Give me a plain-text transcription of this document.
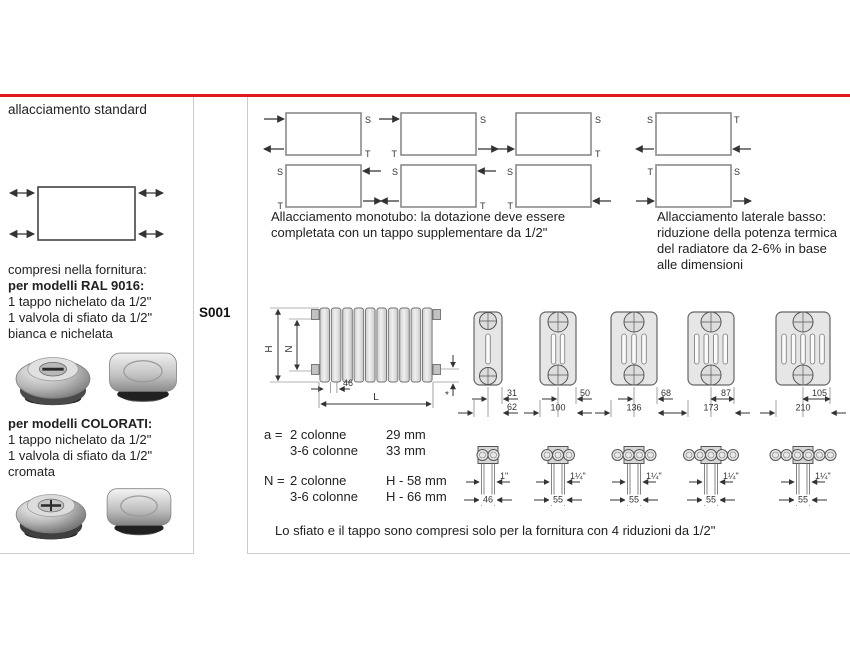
allacciamento standard
compresi nella fornitura:
per modelli RAL 9016:
1 tappo nichelato da 1/2"
1 valvola di sfiato da 1/2"
bianca e nichelata
per modelli COLORATI:
1 tappo nichelato da 1/2"
1 valvola di sfiato da 1/2"
cromata
S001
S
T
S
T
S
T
S
T
S
T
S
T
S	T
T	S
Allacciamento monotubo: la dotazione deve essere
completata con un tappo supplementare da 1/2"
Allacciamento laterale basso:
riduzione della potenza termica
del radiatore da 2-6% in base
alle dimensioni
H N
46
L	*
a = 2 colonne	29 mm
3-6 colonne	33 mm
N = 2 colonne	H - 58 mm
3-6 colonne	H - 66 mm
31
62
50
100
68
136
87
173
105
210
1"
46
1¼"
55
1¼"
55
1¼"
55
1¼"
55
Lo sfiato e il tappo sono compresi solo per la fornitura con 4 riduzioni da 1/2"
